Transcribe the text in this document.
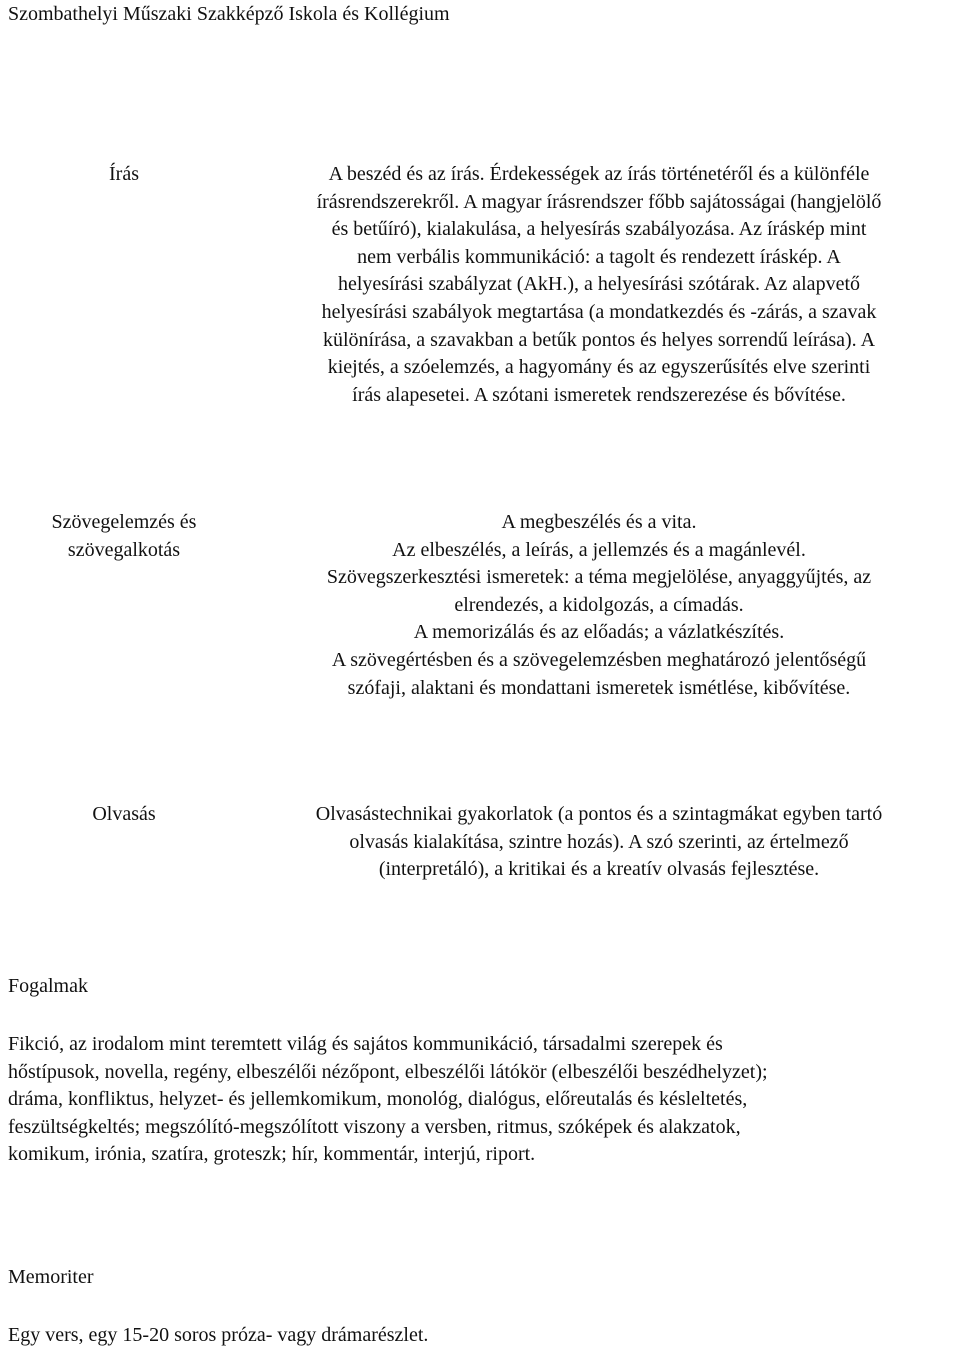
Szombathelyi Műszaki Szakképző Iskola és Kollégium
Írás	A beszéd és az írás. Érdekességek az írás történetéről és a különféle
írásrendszerekről. A magyar írásrendszer főbb sajátosságai (hangjelölő
és betűíró), kialakulása, a helyesírás szabályozása. Az íráskép mint
nem verbális kommunikáció: a tagolt és rendezett íráskép. A
helyesírási szabályzat (AkH.), a helyesírási szótárak. Az alapvető
helyesírási szabályok megtartása (a mondatkezdés és -zárás, a szavak
különírása, a szavakban a betűk pontos és helyes sorrendű leírása). A
kiejtés, a szóelemzés, a hagyomány és az egyszerűsítés elve szerinti
írás alapesetei. A szótani ismeretek rendszerezése és bővítése.
Szövegelemzés és
szövegalkotás
A megbeszélés és a vita.
Az elbeszélés, a leírás, a jellemzés és a magánlevél.
Szövegszerkesztési ismeretek: a téma megjelölése, anyaggyűjtés, az
elrendezés, a kidolgozás, a címadás.
A memorizálás és az előadás; a vázlatkészítés.
A szövegértésben és a szövegelemzésben meghatározó jelentőségű
szófaji, alaktani és mondattani ismeretek ismétlése, kibővítése.
Olvasás	Olvasástechnikai gyakorlatok (a pontos és a szintagmákat egyben tartó
olvasás kialakítása, szintre hozás). A szó szerinti, az értelmező
(interpretáló), a kritikai és a kreatív olvasás fejlesztése.
Fogalmak
Fikció, az irodalom mint teremtett világ és sajátos kommunikáció, társadalmi szerepek és
hőstípusok, novella, regény, elbeszélői nézőpont, elbeszélői látókör (elbeszélői beszédhelyzet);
dráma, konfliktus, helyzet- és jellemkomikum, monológ, dialógus, előreutalás és késleltetés,
feszültségkeltés; megszólító-megszólított viszony a versben, ritmus, szóképek és alakzatok,
komikum, irónia, szatíra, groteszk; hír, kommentár, interjú, riport.
Memoriter
Egy vers, egy 15-20 soros próza- vagy drámarészlet.
